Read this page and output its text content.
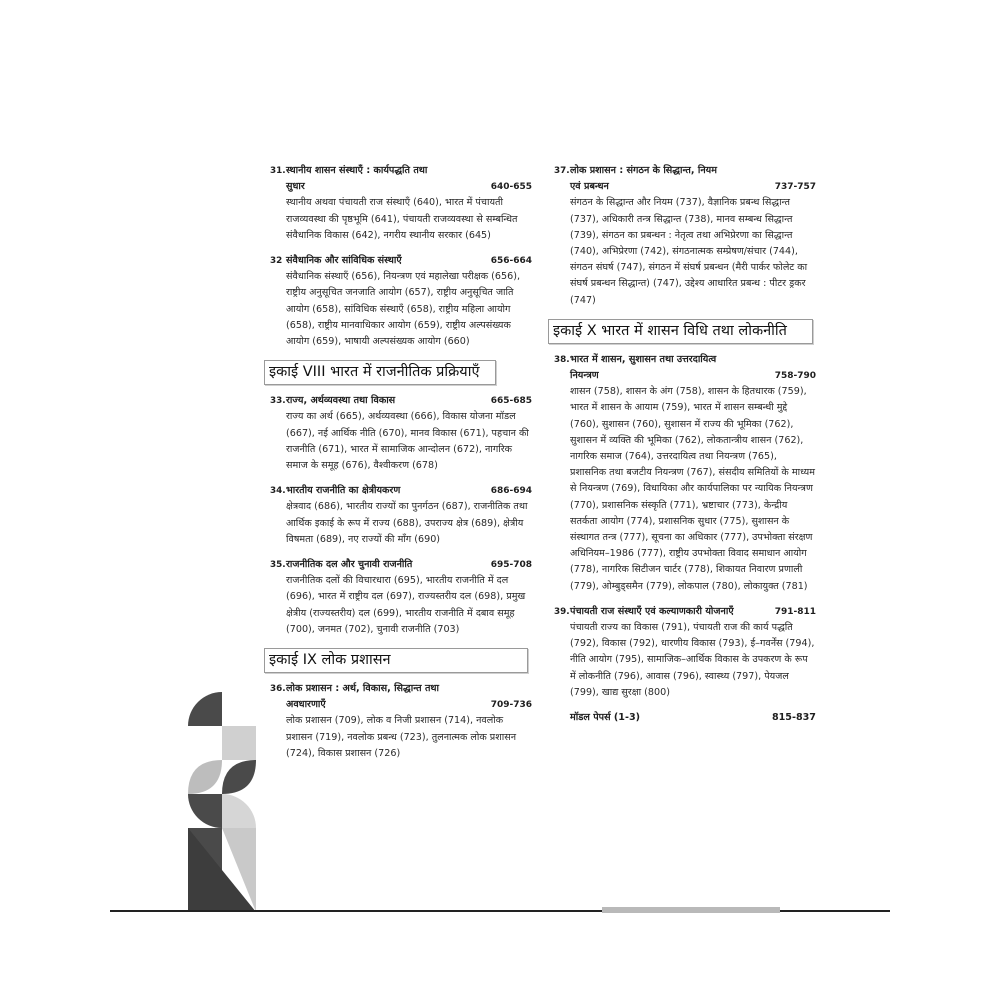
31. स्थानीय शासन संस्थाएँ : कार्यपद्धति तथा
सुधार	640-655
स्थानीय अथवा पंचायती राज संस्थाएँ (640), भारत में पंचायती राजव्यवस्था की पृष्ठभूमि (641), पंचायती राजव्यवस्था से सम्बन्धित संवैधानिक विकास (642), नगरीय स्थानीय सरकार (645)
32 संवैधानिक और सांविधिक संस्थाएँ	656-664
संवैधानिक संस्थाएँ (656), नियन्त्रण एवं महालेखा परीक्षक (656), राष्ट्रीय अनुसूचित जनजाति आयोग (657), राष्ट्रीय अनुसूचित जाति आयोग (658), सांविधिक संस्थाएँ (658), राष्ट्रीय महिला आयोग (658), राष्ट्रीय मानवाधिकार आयोग (659), राष्ट्रीय अल्पसंख्यक आयोग (659), भाषायी अल्पसंख्यक आयोग (660)
इकाई VIII भारत में राजनीतिक प्रक्रियाएँ
33. राज्य, अर्थव्यवस्था तथा विकास	665-685
राज्य का अर्थ (665), अर्थव्यवस्था (666), विकास योजना मॉडल (667), नई आर्थिक नीति (670), मानव विकास (671), पहचान की राजनीति (671), भारत में सामाजिक आन्दोलन (672), नागरिक समाज के समूह (676), वैश्वीकरण (678)
34. भारतीय राजनीति का क्षेत्रीयकरण	686-694
क्षेत्रवाद (686), भारतीय राज्यों का पुनर्गठन (687), राजनीतिक तथा आर्थिक इकाई के रूप में राज्य (688), उपराज्य क्षेत्र (689), क्षेत्रीय विषमता (689), नए राज्यों की माँग (690)
35. राजनीतिक दल और चुनावी राजनीति	695-708
राजनीतिक दलों की विचारधारा (695), भारतीय राजनीति में दल (696), भारत में राष्ट्रीय दल (697), राज्यस्तरीय दल (698), प्रमुख क्षेत्रीय (राज्यस्तरीय) दल (699), भारतीय राजनीति में दबाव समूह (700), जनमत (702), चुनावी राजनीति (703)
इकाई IX लोक प्रशासन
36. लोक प्रशासन : अर्थ, विकास, सिद्धान्त तथा
अवधारणाएँ	709-736
लोक प्रशासन (709), लोक व निजी प्रशासन (714), नवलोक प्रशासन (719), नवलोक प्रबन्ध (723), तुलनात्मक लोक प्रशासन (724), विकास प्रशासन (726)
37. लोक प्रशासन : संगठन के सिद्धान्त, नियम
एवं प्रबन्धन	737-757
संगठन के सिद्धान्त और नियम (737), वैज्ञानिक प्रबन्ध सिद्धान्त (737), अधिकारी तन्त्र सिद्धान्त (738), मानव सम्बन्ध सिद्धान्त (739), संगठन का प्रबन्धन : नेतृत्व तथा अभिप्रेरणा का सिद्धान्त (740), अभिप्रेरणा (742), संगठनात्मक सम्प्रेषण/संचार (744), संगठन संघर्ष (747), संगठन में संघर्ष प्रबन्धन (मैरी पार्कर फोलेट का संघर्ष प्रबन्धन सिद्धान्त) (747), उद्देश्य आधारित प्रबन्ध : पीटर ड्रकर (747)
इकाई X भारत में शासन विधि तथा लोकनीति
38. भारत में शासन, सुशासन तथा उत्तरदायित्व
नियन्त्रण	758-790
शासन (758), शासन के अंग (758), शासन के हितधारक (759), भारत में शासन के आयाम (759), भारत में शासन सम्बन्धी मुद्दे (760), सुशासन (760), सुशासन में राज्य की भूमिका (762), सुशासन में व्यक्ति की भूमिका (762), लोकतान्त्रीय शासन (762), नागरिक समाज (764), उत्तरदायित्व तथा नियन्त्रण (765), प्रशासनिक तथा बजटीय नियन्त्रण (767), संसदीय समितियों के माध्यम से नियन्त्रण (769), विधायिका और कार्यपालिका पर न्यायिक नियन्त्रण (770), प्रशासनिक संस्कृति (771), भ्रष्टाचार (773), केन्द्रीय सतर्कता आयोग (774), प्रशासनिक सुधार (775), सुशासन के संस्थागत तन्त्र (777), सूचना का अधिकार (777), उपभोक्ता संरक्षण अधिनियम–1986 (777), राष्ट्रीय उपभोक्ता विवाद समाधान आयोग (778), नागरिक सिटीजन चार्टर (778), शिकायत निवारण प्रणाली (779), ओम्बुड्समैन (779), लोकपाल (780), लोकायुक्त (781)
39. पंचायती राज संस्थाएँ एवं कल्याणकारी योजनाएँ	791-811
पंचायती राज्य का विकास (791), पंचायती राज की कार्य पद्धति (792), विकास (792), धारणीय विकास (793), ई–गवर्नेंस (794), नीति आयोग (795), सामाजिक–आर्थिक विकास के उपकरण के रूप में लोकनीति (796), आवास (796), स्वास्थ्य (797), पेयजल (799), खाद्य सुरक्षा (800)
मॉडल पेपर्स (1-3)	815-837
